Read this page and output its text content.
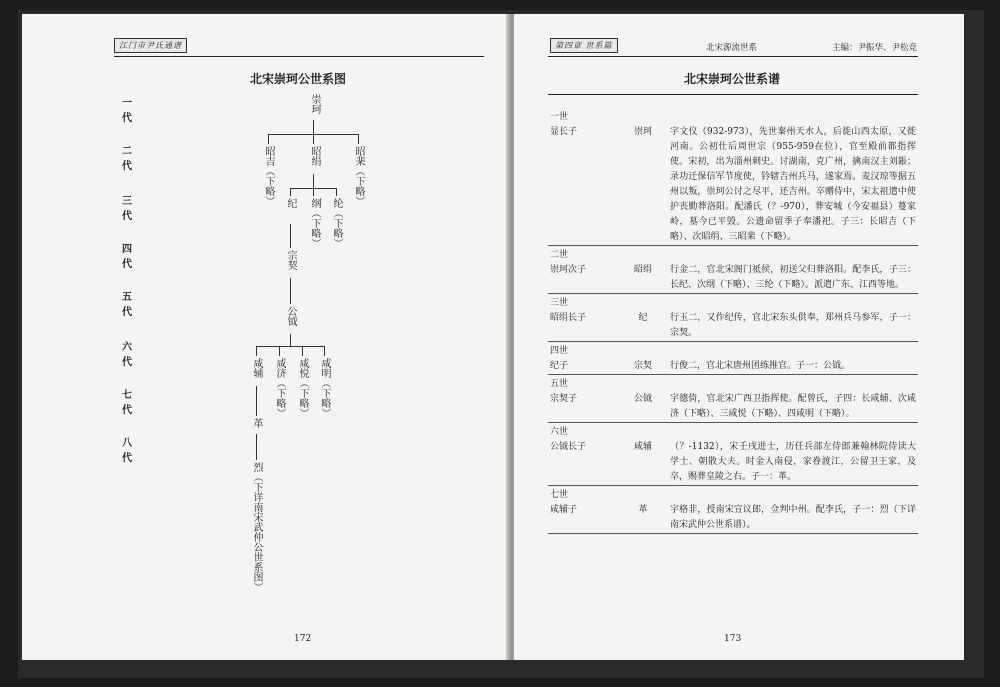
江门市尹氏通谱
北宋崇珂公世系图
一代
二代
三代
四代
五代
六代
七代
八代
崇珂
昭吉（下略）	昭绢	昭棐（下略）
纪 纲（下略） 纶（下略）
宗契
公钺
咸辅 咸济（下略） 咸悦（下略） 咸明（下略）
革
烈（下详南宋武仲公世系图）
172
第四章 世系篇	北宋源流世系	主编：尹振华、尹松竞
北宋崇珂公世系谱
一世		
显长子	崇珂	字文仪（932-973），先世秦州天水人，后徙山西太原，又徙河南。公初仕后周世宗（955-959在位），官至殿前都指挥使。宋初，出为淄州刺史。讨湖南，克广州，擒南汉主刘鋹；录功迁保信军节度使，钤辖吉州兵马，遂家焉。麦汉琼等据五州以叛，崇珂公讨之尽平，还吉州。卒赠侍中，宋太祖遣中使护丧勤葬洛阳。配潘氏（？-970），葬安城（今安福县）蔓家岭，墓今已平毁。公遗命留季子奉潘祀。子三：长昭吉（下略）、次昭绢、三昭棐（下略）。

二世		
崇珂次子	昭绢	行金二，官北宋阁门祗侯，初送父归葬洛阳。配李氏，子三：长纪、次纲（下略）、三纶（下略）。派遣广东、江西等地。

三世		
昭绢长子	纪	行玉二，又作纪传，官北宋东头供奉，郑州兵马参军，子一：宗契。

四世		
纪子	宗契	行俊二，官北宋唐州团练推官。子一：公钺。

五世		
宗契子	公钺	字德倚，官北宋广西卫指挥使。配曾氏，子四：长咸辅、次咸济（下略）、三咸悦（下略）、四咸明（下略）。

六世		
公钺长子	咸辅	（？-1132），宋壬戌进士，历任兵部左侍郎兼翰林院侍读大学士、朝散大夫。时金人南侵，家眷渡江，公留卫王家，及卒，赐葬皇陵之右。子一：革。

七世		
咸辅子	革	字格非，授南宋宣议郎，佥判中州。配李氏，子一：烈（下详南宋武仲公世系谱）。

173
